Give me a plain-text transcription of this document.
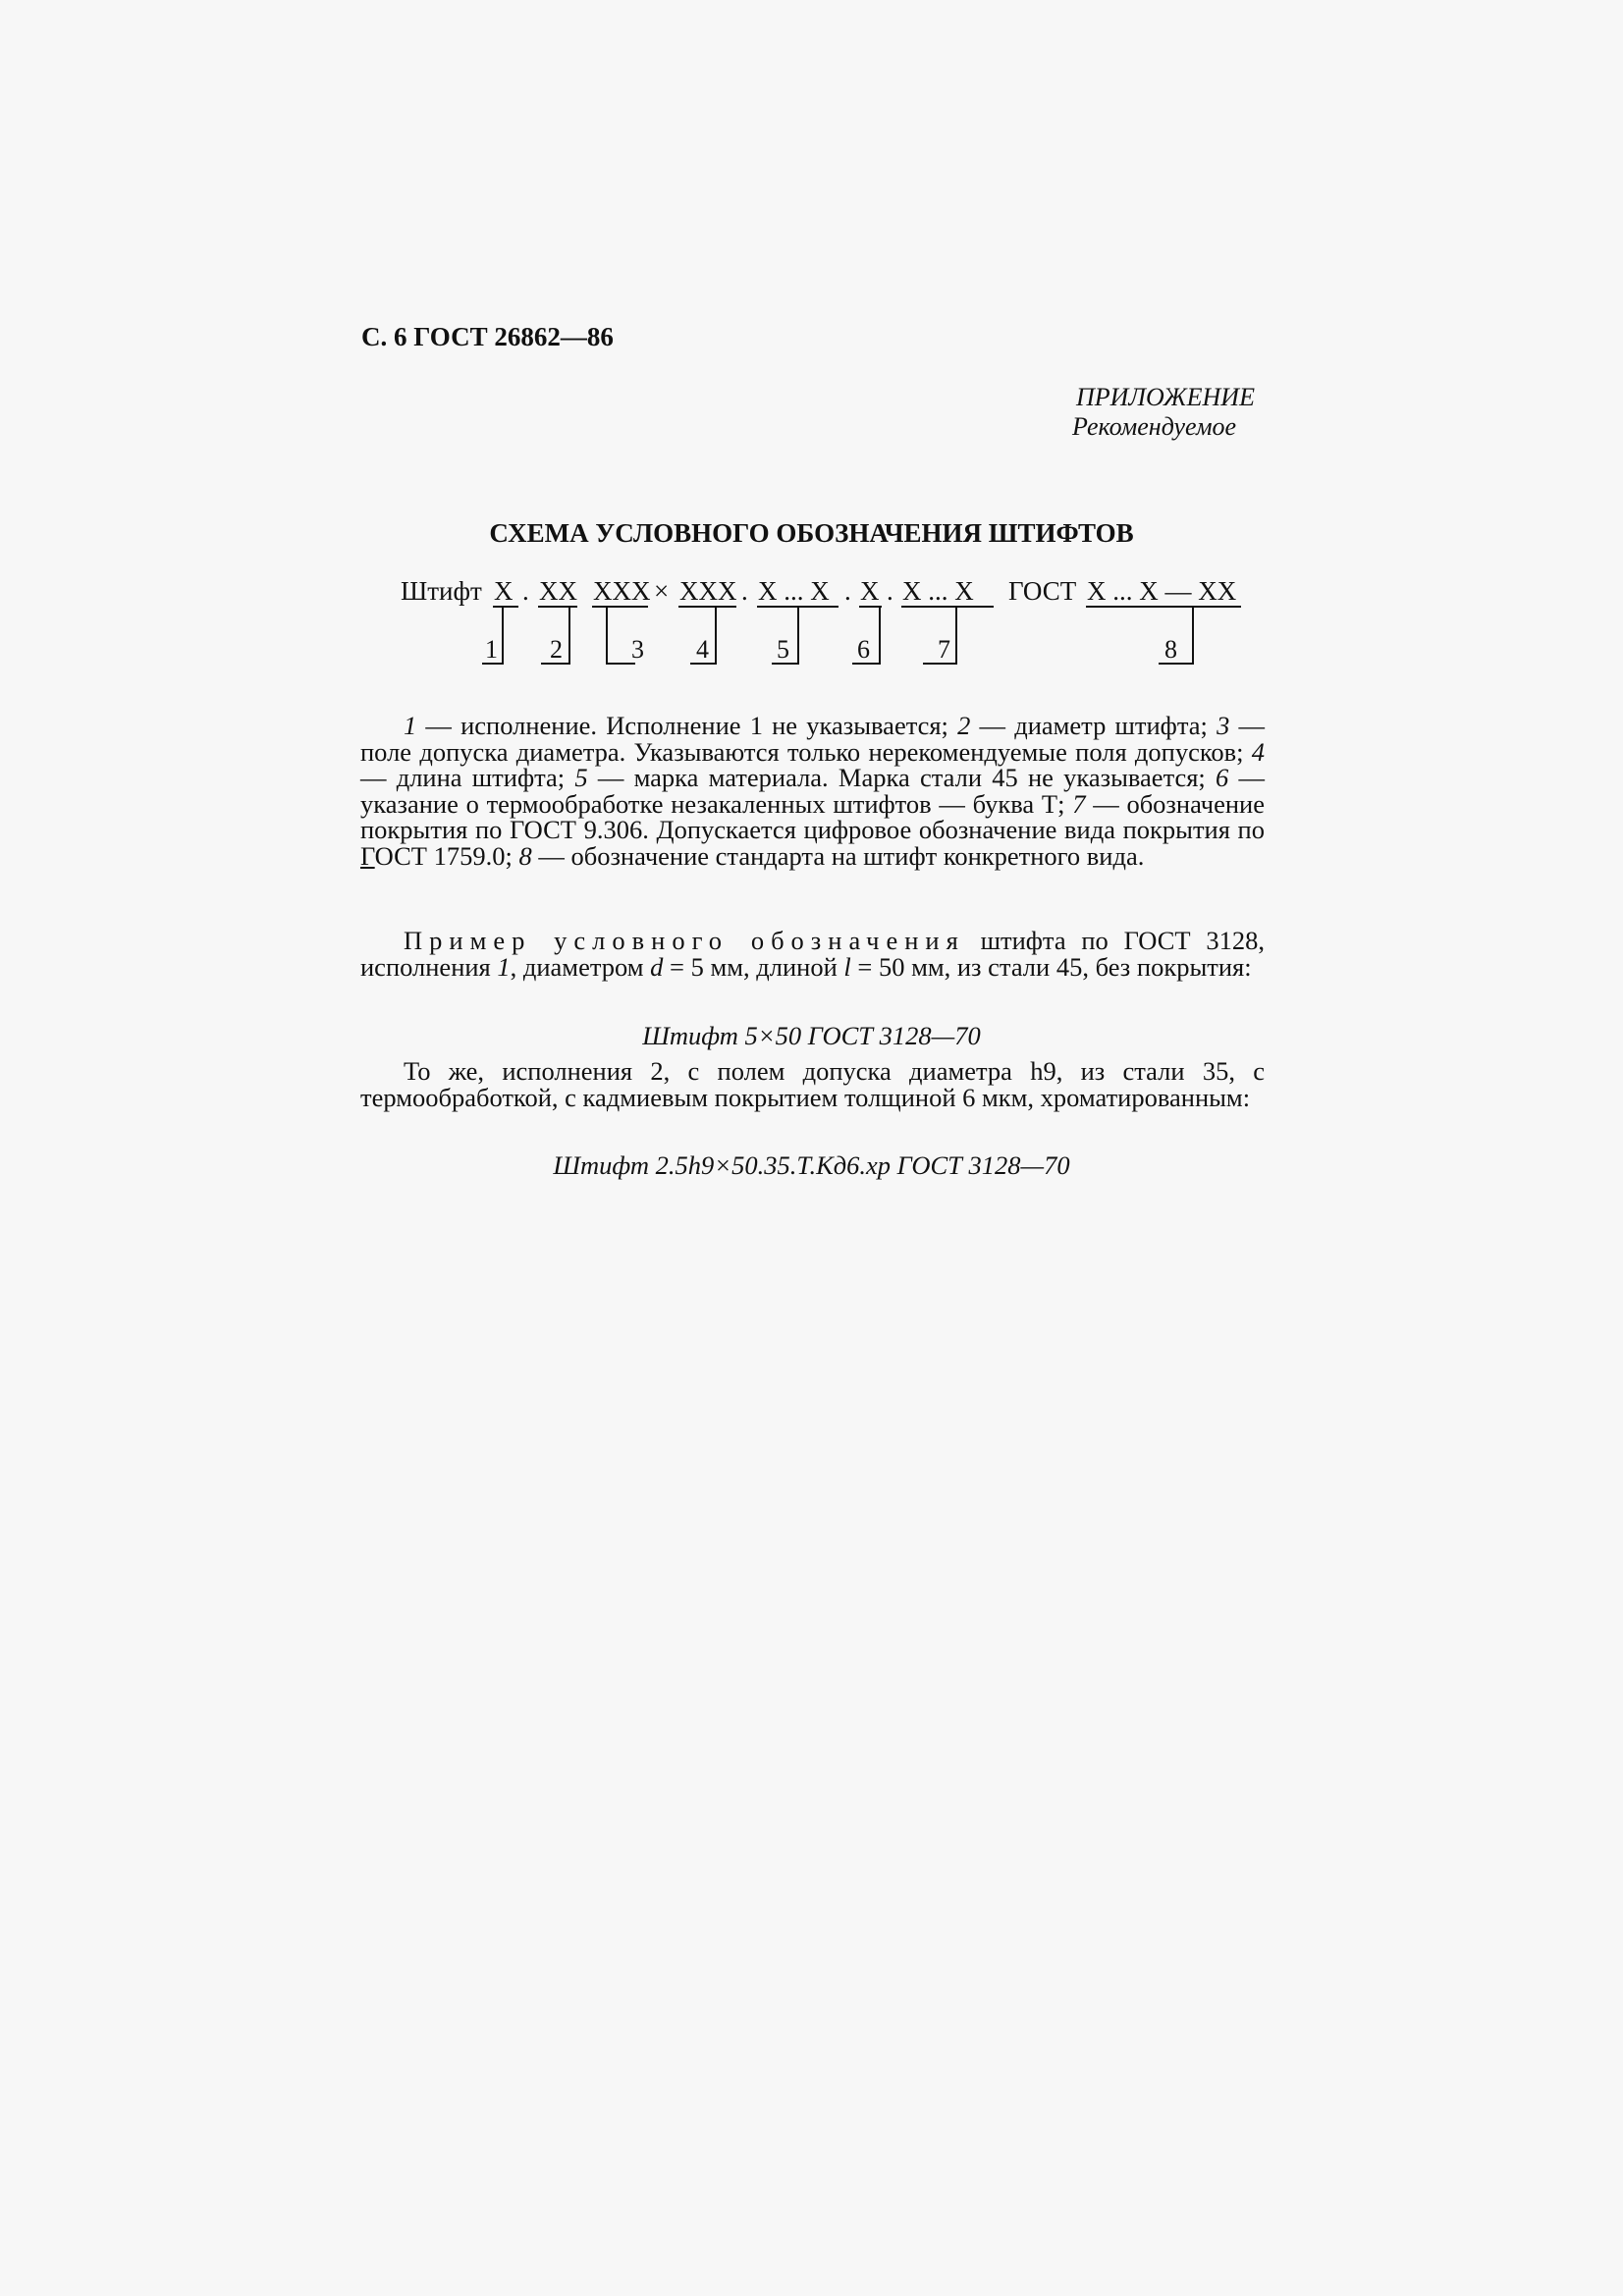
С. 6 ГОСТ 26862—86
ПРИЛОЖЕНИЕ
Рекомендуемое
СХЕМА УСЛОВНОГО ОБОЗНАЧЕНИЯ ШТИФТОВ
Штифт Х . ХХ ХХХ × ХХХ . Х ... Х . Х . Х ... Х ГОСТ Х ... Х — ХХ
1 2	3 4	5	6	7	8
1 — исполнение. Исполнение 1 не указывается; 2 — диаметр штифта; 3 — поле допуска диаметра. Указываются только нерекомендуемые поля допусков; 4 — длина штифта; 5 — марка материала. Марка стали 45 не указывается; 6 — указание о термообработке незакаленных штифтов — буква Т; 7 — обозначение покрытия по ГОСТ 9.306. Допускается цифровое обозначение вида покрытия по ГОСТ 1759.0; 8 — обозначение стандарта на штифт конкретного вида.
Пример условного обозначения штифта по ГОСТ 3128, исполнения 1, диаметром d = 5 мм, длиной l = 50 мм, из стали 45, без покрытия:
Штифт 5×50 ГОСТ 3128—70
То же, исполнения 2, с полем допуска диаметра h9, из стали 35, с термообработкой, с кадмиевым покрытием толщиной 6 мкм, хроматированным:
Штифт 2.5h9×50.35.Т.Кд6.хр ГОСТ 3128—70
